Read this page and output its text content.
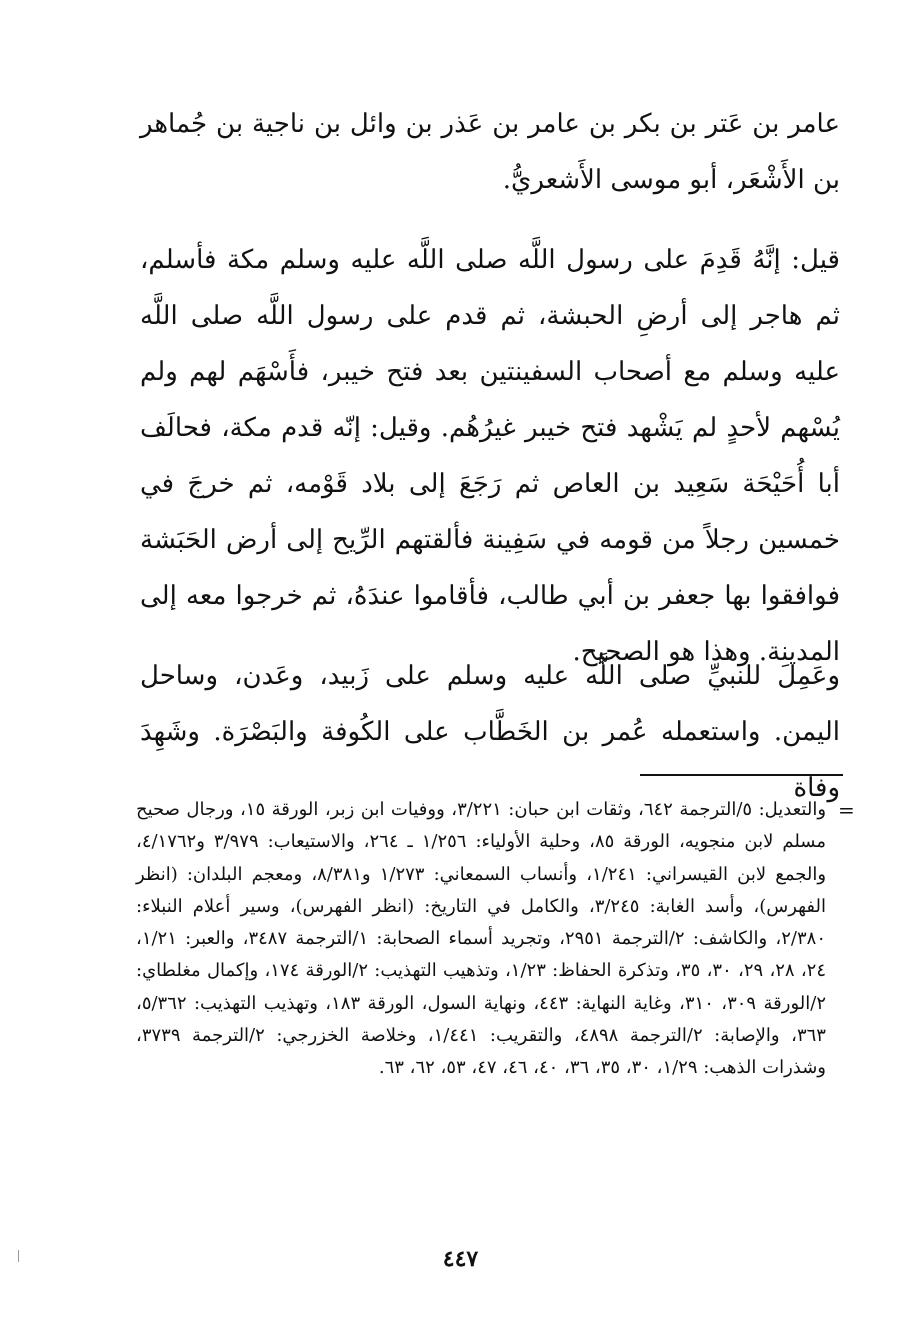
عامر بن عَتر بن بكر بن عامر بن عَذر بن وائل بن ناجية بن جُماهر بن الأَشْعَر، أبو موسى الأَشعريُّ.
قيل: إنَّهُ قَدِمَ على رسول اللَّه صلى اللَّه عليه وسلم مكة فأسلم، ثم هاجر إلى أرضِ الحبشة، ثم قدم على رسول اللَّه صلى اللَّه عليه وسلم مع أصحاب السفينتين بعد فتح خيبر، فأَسْهَم لهم ولم يُسْهم لأحدٍ لم يَشْهد فتح خيبر غيرُهُم. وقيل: إنّه قدم مكة، فحالَف أبا أُحَيْحَة سَعِيد بن العاص ثم رَجَعَ إلى بلاد قَوْمه، ثم خرجَ في خمسين رجلاً من قومه في سَفِينة فألقتهم الرِّيح إلى أرض الحَبَشة فوافقوا بها جعفر بن أبي طالب، فأقاموا عندَهُ، ثم خرجوا معه إلى المدينة. وهذا هو الصحيح.
وعَمِلَ للنبيِّ صلى اللَّه عليه وسلم على زَبيد، وعَدن، وساحل اليمن. واستعمله عُمر بن الخَطَّاب على الكُوفة والبَصْرَة. وشَهِدَ وفاة
=
والتعديل: ٥/الترجمة ٦٤٢، وثقات ابن حبان: ٣/٢٢١، ووفيات ابن زبر، الورقة ١٥، ورجال صحيح مسلم لابن منجويه، الورقة ٨٥، وحلية الأولياء: ١/٢٥٦ ـ ٢٦٤، والاستيعاب: ٣/٩٧٩ و٤/١٧٦٢، والجمع لابن القيسراني: ١/٢٤١، وأنساب السمعاني: ١/٢٧٣ و٨/٣٨١، ومعجم البلدان: (انظر الفهرس)، وأسد الغابة: ٣/٢٤٥، والكامل في التاريخ: (انظر الفهرس)، وسير أعلام النبلاء: ٢/٣٨٠، والكاشف: ٢/الترجمة ٢٩٥١، وتجريد أسماء الصحابة: ١/الترجمة ٣٤٨٧، والعبر: ١/٢١، ٢٤، ٢٨، ٢٩، ٣٠، ٣٥، وتذكرة الحفاظ: ١/٢٣، وتذهيب التهذيب: ٢/الورقة ١٧٤، وإكمال مغلطاي: ٢/الورقة ٣٠٩، ٣١٠، وغاية النهاية: ٤٤٣، ونهاية السول، الورقة ١٨٣، وتهذيب التهذيب: ٥/٣٦٢، ٣٦٣، والإصابة: ٢/الترجمة ٤٨٩٨، والتقريب: ١/٤٤١، وخلاصة الخزرجي: ٢/الترجمة ٣٧٣٩، وشذرات الذهب: ١/٢٩، ٣٠، ٣٥، ٣٦، ٤٠، ٤٦، ٤٧، ٥٣، ٦٢، ٦٣.
٤٤٧
